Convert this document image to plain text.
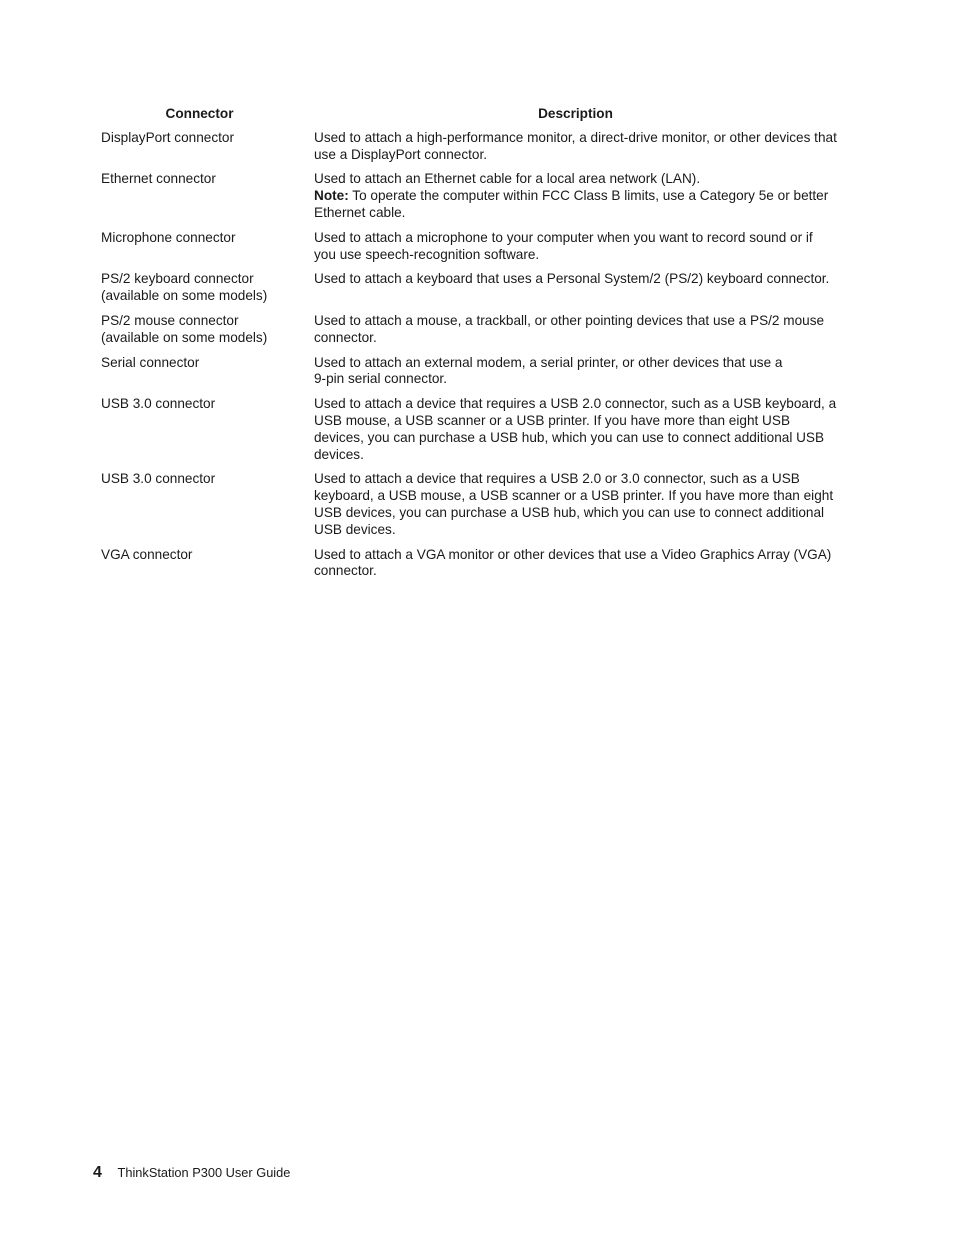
Connector	Description

DisplayPort connector	Used to attach a high-performance monitor, a direct-drive monitor, or other devices that use a DisplayPort connector.

Ethernet connector	Used to attach an Ethernet cable for a local area network (LAN).
Note: To operate the computer within FCC Class B limits, use a Category 5e or better Ethernet cable.

Microphone connector	Used to attach a microphone to your computer when you want to record sound or if you use speech-recognition software.

PS/2 keyboard connector
(available on some models)	Used to attach a keyboard that uses a Personal System/2 (PS/2) keyboard connector.

PS/2 mouse connector
(available on some models)	Used to attach a mouse, a trackball, or other pointing devices that use a PS/2 mouse connector.

Serial connector	Used to attach an external modem, a serial printer, or other devices that use a
9-pin serial connector.

USB 3.0 connector	Used to attach a device that requires a USB 2.0 connector, such as a USB keyboard, a USB mouse, a USB scanner or a USB printer. If you have more than eight USB devices, you can purchase a USB hub, which you can use to connect additional USB devices.

USB 3.0 connector	Used to attach a device that requires a USB 2.0 or 3.0 connector, such as a USB keyboard, a USB mouse, a USB scanner or a USB printer. If you have more than eight USB devices, you can purchase a USB hub, which you can use to connect additional USB devices.

VGA connector	Used to attach a VGA monitor or other devices that use a Video Graphics Array (VGA) connector.
4 ThinkStation P300 User Guide
